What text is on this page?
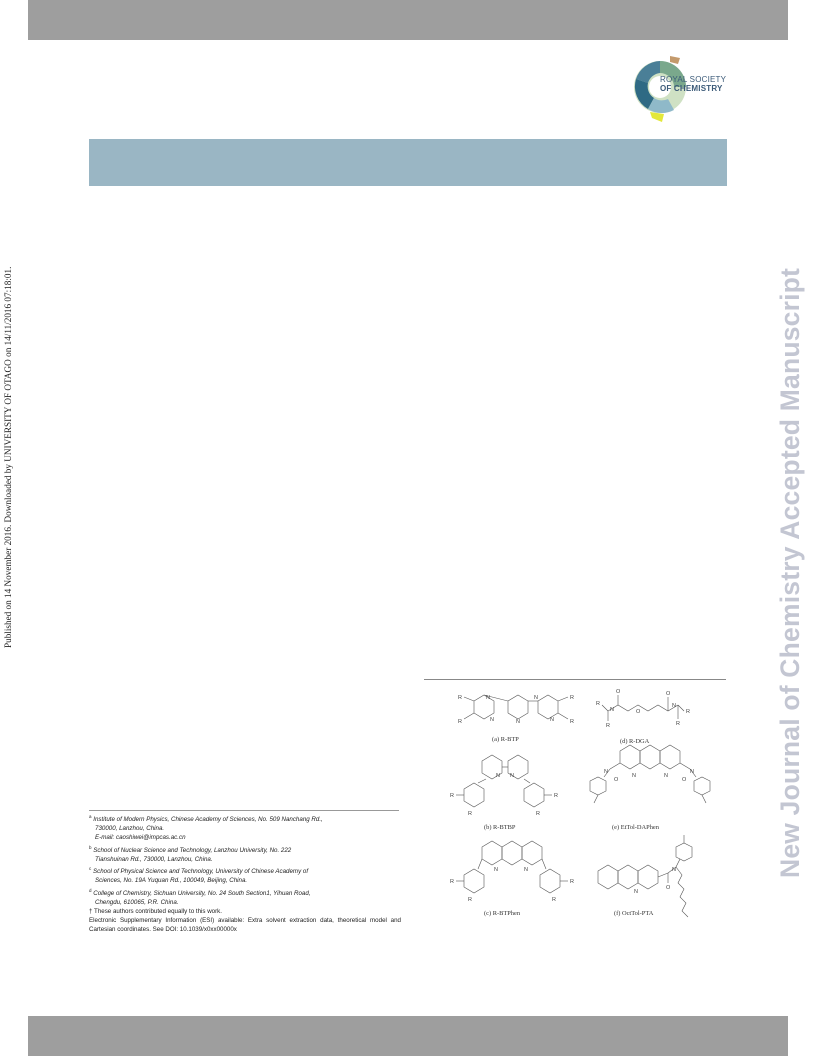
ROYAL SOCIETY
OF CHEMISTRY
Published on 14 November 2016. Downloaded by UNIVERSITY OF OTAGO on 14/11/2016 07:18:01.	New Journal of Chemistry Accepted Manuscript
R
R
R
R
N
N	N
N
N
(a) R-BTP
O	O
O
R
R
R
R
N
N
(d) R-DGA
R
R
R
R
N N
(b) R-BTBP
N	N
O	O
N	N
(e) EtTol-DAPhen
R
R
R
R
N	N
(c) R-BTPhen
O
N
N
(f) OctTol-PTA

$^a$ Institute of Modern Physics, Chinese Academy of Sciences, No. 509 Nanchang Rd.,
730000, Lanzhou, China.

E-mail: caoshiwei@impcas.ac.cn

$^b$ School of Nuclear Science and Technology, Lanzhou University, No. 222
Tianshuinan Rd., 730000, Lanzhou, China.

$^c$ School of Physical Science and Technology, University of Chinese Academy of
Sciences, No. 19A Yuquan Rd., 100049, Beijing, China.

$^d$ College of Chemistry, Sichuan University, No. 24 South Section1, Yihuan Road,
Chengdu, 610065, P.R. China.

† These authors contributed equally to this work.

Electronic Supplementary Information (ESI) available: Extra solvent extraction data, theoretical model and Cartesian coordinates. See DOI: 10.1039/x0xx00000x
